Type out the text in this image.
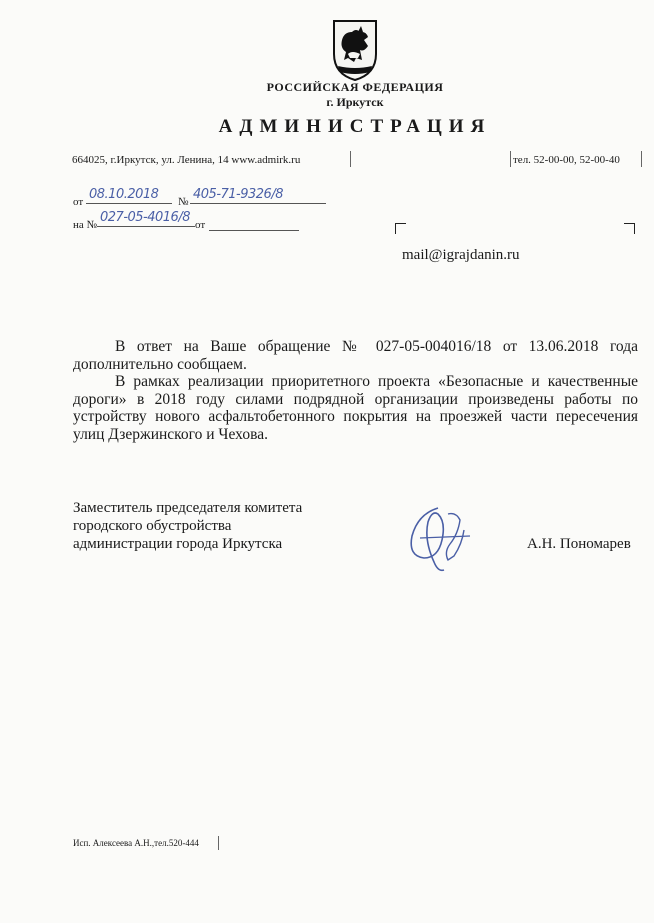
РОССИЙСКАЯ ФЕДЕРАЦИЯ
г. Иркутск
АДМИНИСТРАЦИЯ
664025, г.Иркутск, ул. Ленина, 14 www.admirk.ru	тел. 52-00-00, 52-00-40
от 08.10.2018 № 405-71-9326/8
на № 027-05-4016/8 от
mail@igrajdanin.ru

В ответ на Ваше обращение № 027-05-004016/18 от 13.06.2018 года дополнительно сообщаем.

В рамках реализации приоритетного проекта «Безопасные и качественные дороги» в 2018 году силами подрядной организации произведены работы по устройству нового асфальтобетонного покрытия на проезжей части пересечения улиц Дзержинского и Чехова.

Заместитель председателя комитета
городского обустройства
администрации города Иркутска	А.Н. Пономарев
Исп. Алексеева А.Н.,тел.520-444
